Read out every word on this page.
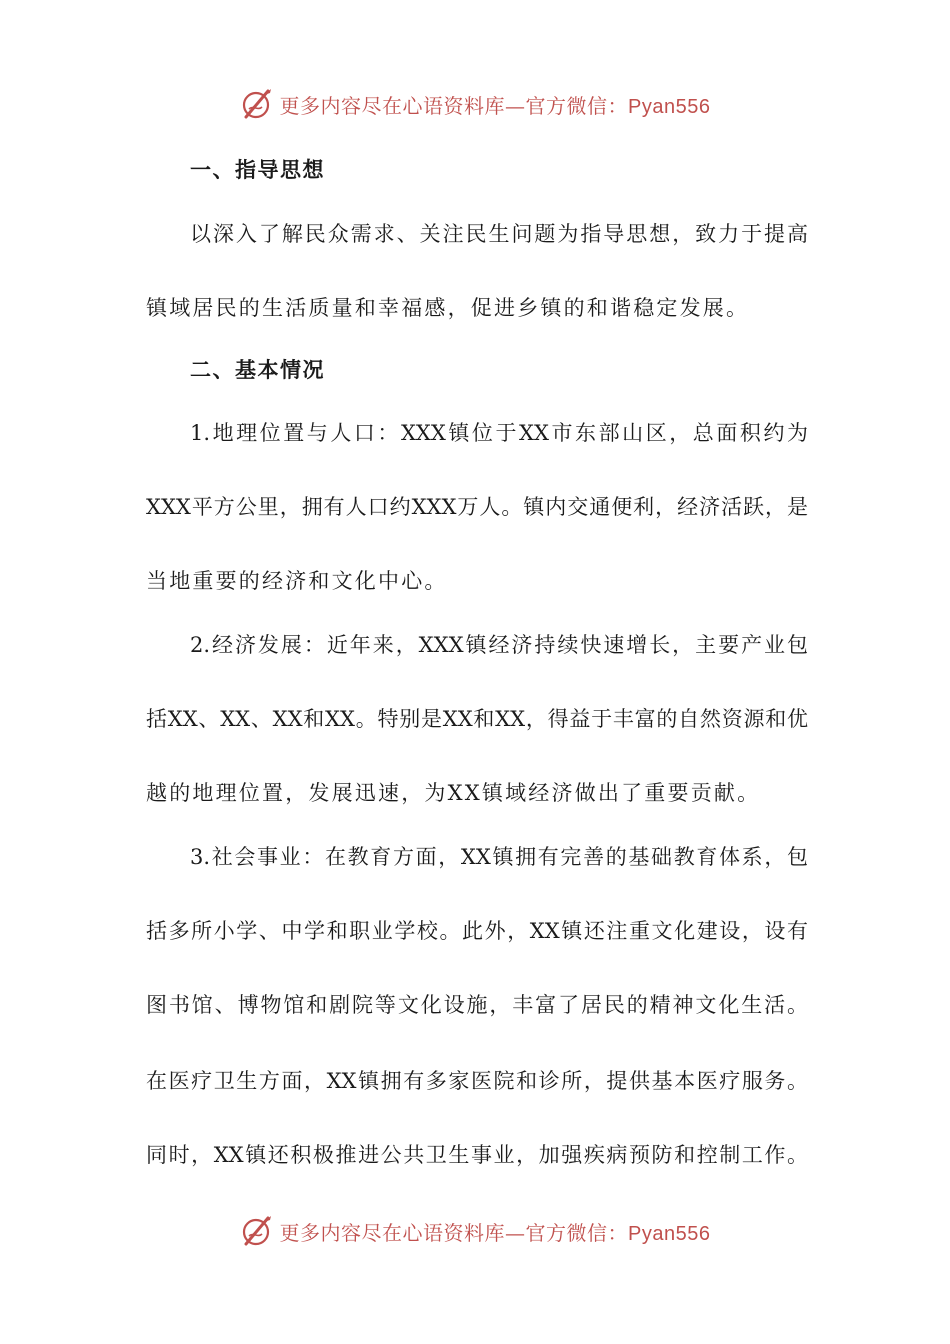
更多内容尽在心语资料库—官方微信：Pyan556
一、指导思想
以深入了解民众需求、关注民生问题为指导思想，致力于提高
镇域居民的生活质量和幸福感，促进乡镇的和谐稳定发展。
二、基本情况
1.地理位置与人口：XXX镇位于XX市东部山区，总面积约为
XXX平方公里，拥有人口约XXX万人。镇内交通便利，经济活跃，是
当地重要的经济和文化中心。
2.经济发展：近年来，XXX镇经济持续快速增长，主要产业包
括XX、XX、XX和XX。特别是XX和XX，得益于丰富的自然资源和优
越的地理位置，发展迅速，为XX镇域经济做出了重要贡献。
3.社会事业：在教育方面，XX镇拥有完善的基础教育体系，包
括多所小学、中学和职业学校。此外，XX镇还注重文化建设，设有
图书馆、博物馆和剧院等文化设施，丰富了居民的精神文化生活。
在医疗卫生方面，XX镇拥有多家医院和诊所，提供基本医疗服务。
同时，XX镇还积极推进公共卫生事业，加强疾病预防和控制工作。
更多内容尽在心语资料库—官方微信：Pyan556
